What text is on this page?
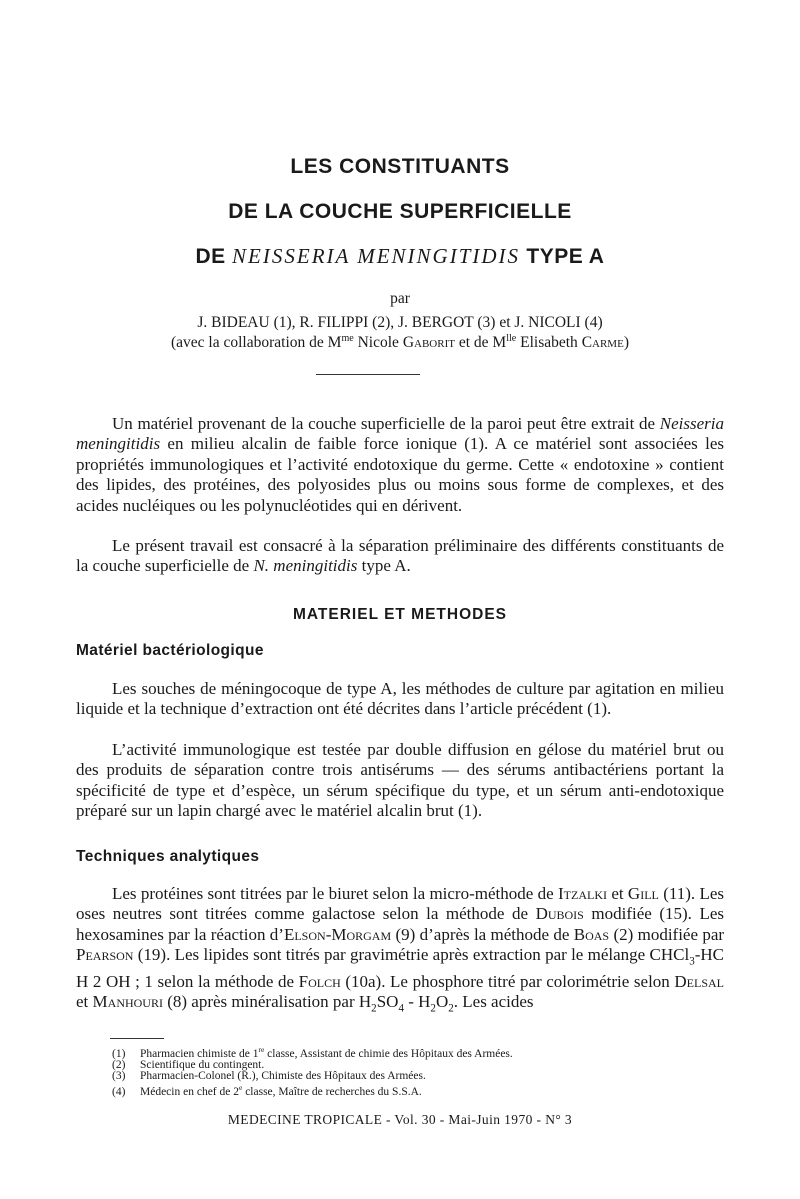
LES CONSTITUANTS
DE LA COUCHE SUPERFICIELLE
DE NEISSERIA MENINGITIDIS TYPE A
par
J. BIDEAU (1), R. FILIPPI (2), J. BERGOT (3) et J. NICOLI (4)
(avec la collaboration de $M^{me}$ Nicole Gaborit et de $M^{lle}$ Elisabeth Carme)
Un matériel provenant de la couche superficielle de la paroi peut être extrait de Neisseria meningitidis en milieu alcalin de faible force ionique (1). A ce matériel sont associées les propriétés immunologiques et l’activité endotoxique du germe. Cette « endotoxine » contient des lipides, des protéines, des polyosides plus ou moins sous forme de complexes, et des acides nucléiques ou les polynucléotides qui en dérivent.
Le présent travail est consacré à la séparation préliminaire des différents constituants de la couche superficielle de N. meningitidis type A.
MATERIEL ET METHODES
Matériel bactériologique
Les souches de méningocoque de type A, les méthodes de culture par agitation en milieu liquide et la technique d’extraction ont été décrites dans l’article précédent (1).
L’activité immunologique est testée par double diffusion en gélose du matériel brut ou des produits de séparation contre trois antisérums — des sérums antibactériens portant la spécificité de type et d’espèce, un sérum spécifique du type, et un sérum anti-endotoxique préparé sur un lapin chargé avec le matériel alcalin brut (1).
Techniques analytiques
Les protéines sont titrées par le biuret selon la micro-méthode de Itzalki et Gill (11). Les oses neutres sont titrées comme galactose selon la méthode de Dubois modifiée (15). Les hexosamines par la réaction d’Elson-Morgam (9) d’après la méthode de Boas (2) modifiée par Pearson (19). Les lipides sont titrés par gravimétrie après extraction par le mélange CHCl$_3$-HC H 2 OH ; 1 selon la méthode de Folch (10a). Le phosphore titré par colorimétrie selon Delsal et Manhouri (8) après minéralisation par $H_2SO_4 - H_2O_2$. Les acides
(1) Pharmacien chimiste de 1re classe, Assistant de chimie des Hôpitaux des Armées.
(2) Scientifique du contingent.
(3) Pharmacien-Colonel (R.), Chimiste des Hôpitaux des Armées.
(4) Médecin en chef de 2e classe, Maître de recherches du S.S.A.
MEDECINE TROPICALE - Vol. 30 - Mai-Juin 1970 - N° 3
